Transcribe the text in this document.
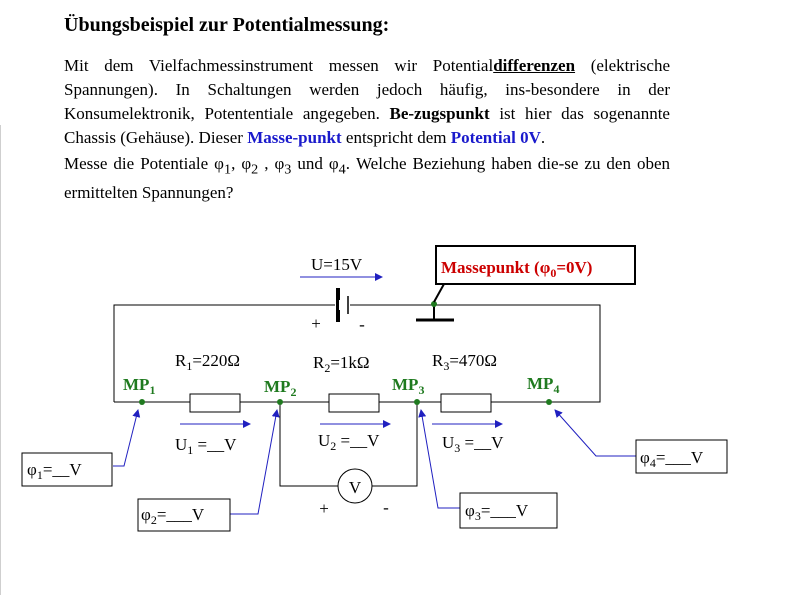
Übungsbeispiel zur Potentialmessung:

Mit dem Vielfachmessinstrument messen wir Potentialdifferenzen (elektrische Spannungen). In Schaltungen werden jedoch häufig, ins-besondere in der Konsumelektronik, Potententiale angegeben. Be-zugspunkt ist hier das sogenannte Chassis (Gehäuse). Dieser Masse-punkt entspricht dem Potential 0V.

Messe die Potentiale $\varphi_1$, $\varphi_2$ , $\varphi_3$ und $\varphi_4$. Welche Beziehung haben die-se zu den oben ermittelten Spannungen?

V
+	-
Massepunkt $(\varphi_0=0V)$
U=15V
+ -
$R_1=220\Omega$	$R_2=1k\Omega$	$R_3=470\Omega$
$MP_1$	$MP_2$	$MP_3$	$MP_4$
$U_1$ =__V	$U_2$ =__V	$U_3$ =__V
$\varphi_1=\_\_V$
$\varphi_2=\_\_\_V$	$\varphi_3=\_\_\_V$
$\varphi_4=\_\_\_V$
